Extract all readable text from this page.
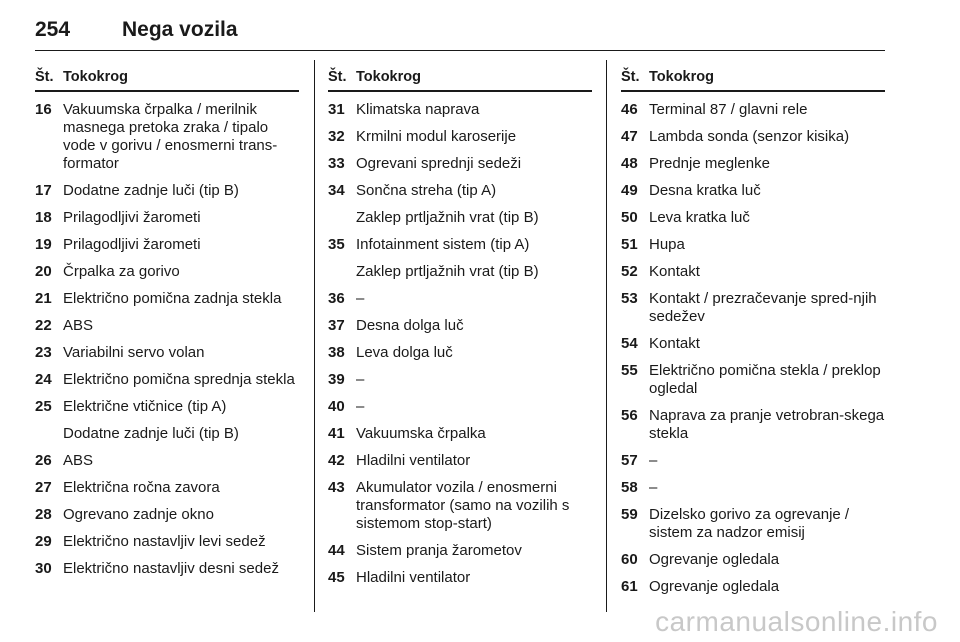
254 Nega vozila
Št. Tokokrog
16 Vakuumska črpalka / merilnik masnega pretoka zraka / tipalo vode v gorivu / enosmerni trans-formator
17 Dodatne zadnje luči (tip B)
18 Prilagodljivi žarometi
19 Prilagodljivi žarometi
20 Črpalka za gorivo
21 Električno pomična zadnja stekla
22 ABS
23 Variabilni servo volan
24 Električno pomična sprednja stekla
25 Električne vtičnice (tip A)
Dodatne zadnje luči (tip B)
26 ABS
27 Električna ročna zavora
28 Ogrevano zadnje okno
29 Električno nastavljiv levi sedež
30 Električno nastavljiv desni sedež
Št. Tokokrog
31 Klimatska naprava
32 Krmilni modul karoserije
33 Ogrevani sprednji sedeži
34 Sončna streha (tip A)
Zaklep prtljažnih vrat (tip B)
35 Infotainment sistem (tip A)
Zaklep prtljažnih vrat (tip B)
36 –
37 Desna dolga luč
38 Leva dolga luč
39 –
40 –
41 Vakuumska črpalka
42 Hladilni ventilator
43 Akumulator vozila / enosmerni transformator (samo na vozilih s sistemom stop-start)
44 Sistem pranja žarometov
45 Hladilni ventilator
Št. Tokokrog
46 Terminal 87 / glavni rele
47 Lambda sonda (senzor kisika)
48 Prednje meglenke
49 Desna kratka luč
50 Leva kratka luč
51 Hupa
52 Kontakt
53 Kontakt / prezračevanje spred-njih sedežev
54 Kontakt
55 Električno pomična stekla / preklop ogledal
56 Naprava za pranje vetrobran-skega stekla
57 –
58 –
59 Dizelsko gorivo za ogrevanje / sistem za nadzor emisij
60 Ogrevanje ogledala
61 Ogrevanje ogledala
carmanualsonline.info
